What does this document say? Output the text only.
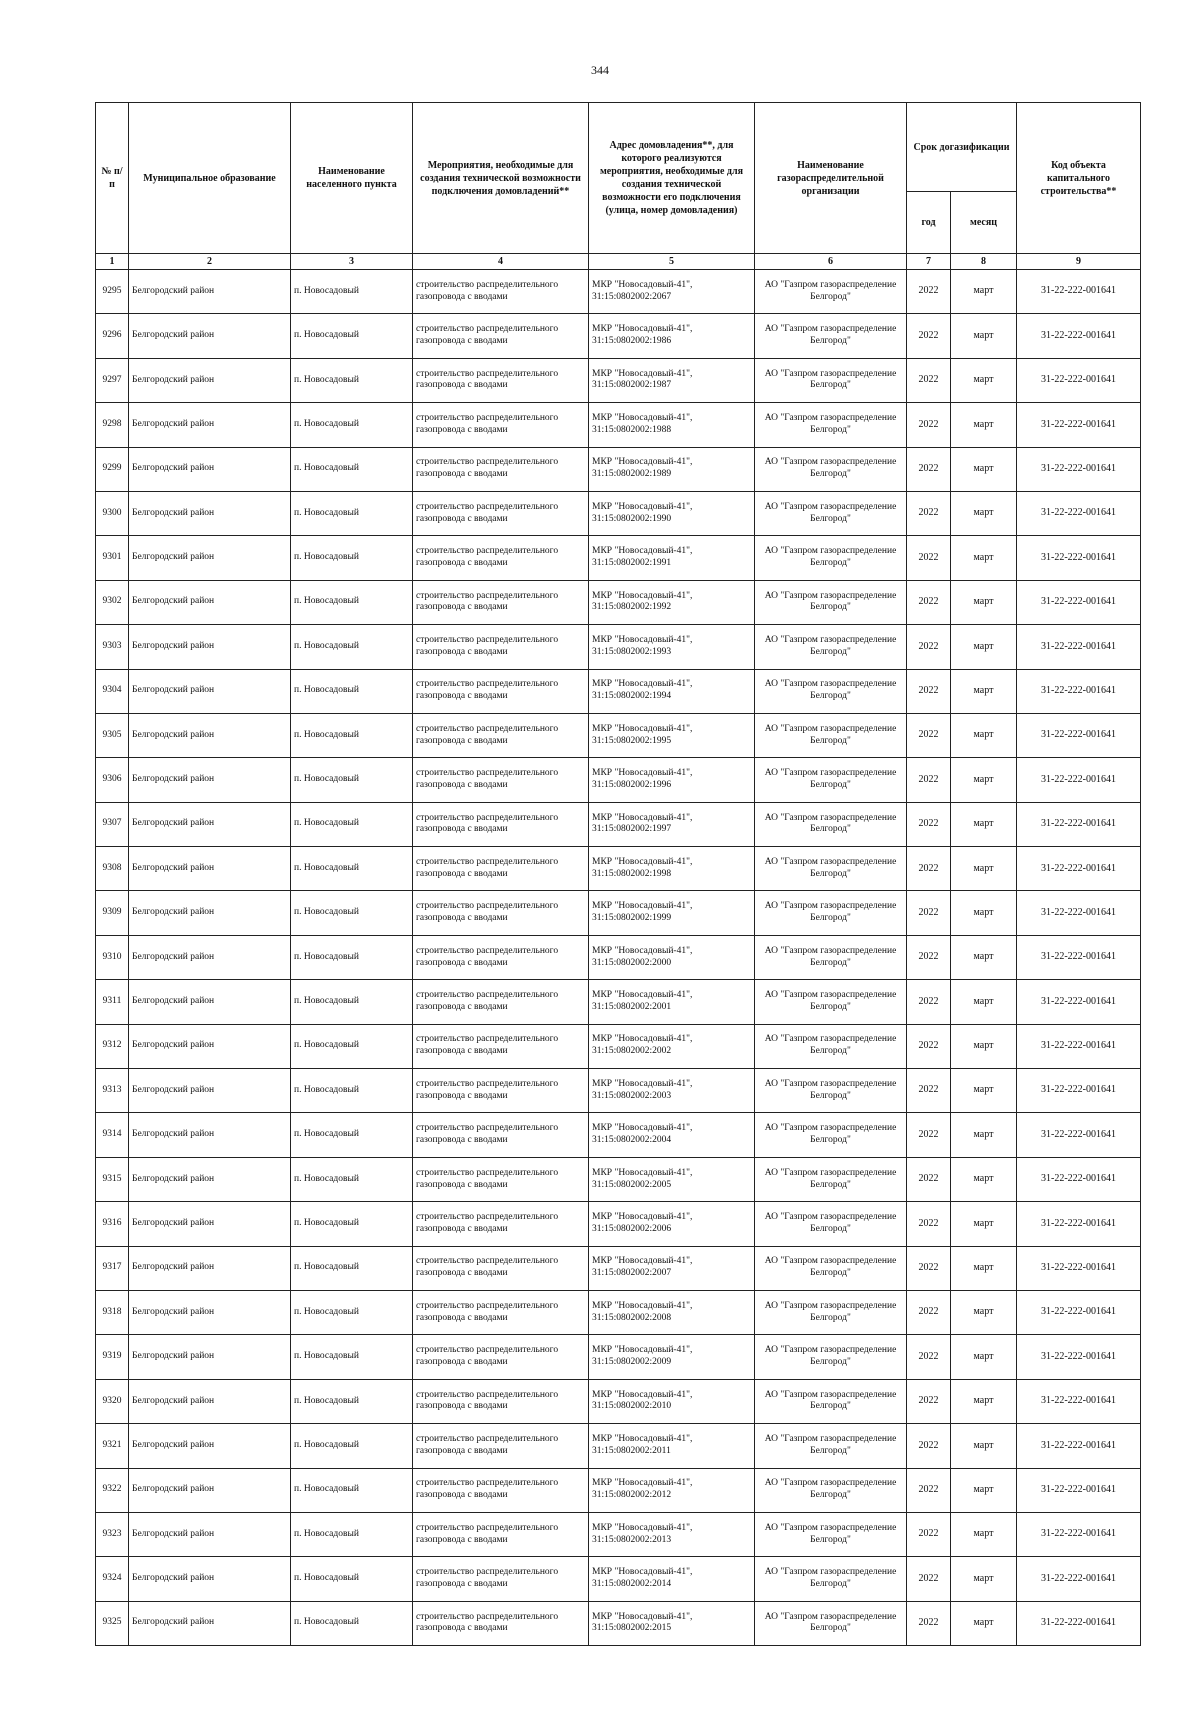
344
№ п/п	Муниципальное образование	Наименование населенного пункта	Мероприятия, необходимые для создания технической возможности подключения домовладений**	Адрес домовладения**, для которого реализуются мероприятия, необходимые для создания технической возможности его подключения (улица, номер домовладения)	Наименование газораспределительной организации	Срок догазификации		Код объекта капитального строительства**
						год	месяц	
1	2	3	4	5	6	7	8	9
9295	Белгородский район	п. Новосадовый	строительство распределительного газопровода с вводами	МКР "Новосадовый-41", 31:15:0802002:2067	АО "Газпром газораспределение Белгород"	2022	март	31-22-222-001641
9296	Белгородский район	п. Новосадовый	строительство распределительного газопровода с вводами	МКР "Новосадовый-41", 31:15:0802002:1986	АО "Газпром газораспределение Белгород"	2022	март	31-22-222-001641
9297	Белгородский район	п. Новосадовый	строительство распределительного газопровода с вводами	МКР "Новосадовый-41", 31:15:0802002:1987	АО "Газпром газораспределение Белгород"	2022	март	31-22-222-001641
9298	Белгородский район	п. Новосадовый	строительство распределительного газопровода с вводами	МКР "Новосадовый-41", 31:15:0802002:1988	АО "Газпром газораспределение Белгород"	2022	март	31-22-222-001641
9299	Белгородский район	п. Новосадовый	строительство распределительного газопровода с вводами	МКР "Новосадовый-41", 31:15:0802002:1989	АО "Газпром газораспределение Белгород"	2022	март	31-22-222-001641
9300	Белгородский район	п. Новосадовый	строительство распределительного газопровода с вводами	МКР "Новосадовый-41", 31:15:0802002:1990	АО "Газпром газораспределение Белгород"	2022	март	31-22-222-001641
9301	Белгородский район	п. Новосадовый	строительство распределительного газопровода с вводами	МКР "Новосадовый-41", 31:15:0802002:1991	АО "Газпром газораспределение Белгород"	2022	март	31-22-222-001641
9302	Белгородский район	п. Новосадовый	строительство распределительного газопровода с вводами	МКР "Новосадовый-41", 31:15:0802002:1992	АО "Газпром газораспределение Белгород"	2022	март	31-22-222-001641
9303	Белгородский район	п. Новосадовый	строительство распределительного газопровода с вводами	МКР "Новосадовый-41", 31:15:0802002:1993	АО "Газпром газораспределение Белгород"	2022	март	31-22-222-001641
9304	Белгородский район	п. Новосадовый	строительство распределительного газопровода с вводами	МКР "Новосадовый-41", 31:15:0802002:1994	АО "Газпром газораспределение Белгород"	2022	март	31-22-222-001641
9305	Белгородский район	п. Новосадовый	строительство распределительного газопровода с вводами	МКР "Новосадовый-41", 31:15:0802002:1995	АО "Газпром газораспределение Белгород"	2022	март	31-22-222-001641
9306	Белгородский район	п. Новосадовый	строительство распределительного газопровода с вводами	МКР "Новосадовый-41", 31:15:0802002:1996	АО "Газпром газораспределение Белгород"	2022	март	31-22-222-001641
9307	Белгородский район	п. Новосадовый	строительство распределительного газопровода с вводами	МКР "Новосадовый-41", 31:15:0802002:1997	АО "Газпром газораспределение Белгород"	2022	март	31-22-222-001641
9308	Белгородский район	п. Новосадовый	строительство распределительного газопровода с вводами	МКР "Новосадовый-41", 31:15:0802002:1998	АО "Газпром газораспределение Белгород"	2022	март	31-22-222-001641
9309	Белгородский район	п. Новосадовый	строительство распределительного газопровода с вводами	МКР "Новосадовый-41", 31:15:0802002:1999	АО "Газпром газораспределение Белгород"	2022	март	31-22-222-001641
9310	Белгородский район	п. Новосадовый	строительство распределительного газопровода с вводами	МКР "Новосадовый-41", 31:15:0802002:2000	АО "Газпром газораспределение Белгород"	2022	март	31-22-222-001641
9311	Белгородский район	п. Новосадовый	строительство распределительного газопровода с вводами	МКР "Новосадовый-41", 31:15:0802002:2001	АО "Газпром газораспределение Белгород"	2022	март	31-22-222-001641
9312	Белгородский район	п. Новосадовый	строительство распределительного газопровода с вводами	МКР "Новосадовый-41", 31:15:0802002:2002	АО "Газпром газораспределение Белгород"	2022	март	31-22-222-001641
9313	Белгородский район	п. Новосадовый	строительство распределительного газопровода с вводами	МКР "Новосадовый-41", 31:15:0802002:2003	АО "Газпром газораспределение Белгород"	2022	март	31-22-222-001641
9314	Белгородский район	п. Новосадовый	строительство распределительного газопровода с вводами	МКР "Новосадовый-41", 31:15:0802002:2004	АО "Газпром газораспределение Белгород"	2022	март	31-22-222-001641
9315	Белгородский район	п. Новосадовый	строительство распределительного газопровода с вводами	МКР "Новосадовый-41", 31:15:0802002:2005	АО "Газпром газораспределение Белгород"	2022	март	31-22-222-001641
9316	Белгородский район	п. Новосадовый	строительство распределительного газопровода с вводами	МКР "Новосадовый-41", 31:15:0802002:2006	АО "Газпром газораспределение Белгород"	2022	март	31-22-222-001641
9317	Белгородский район	п. Новосадовый	строительство распределительного газопровода с вводами	МКР "Новосадовый-41", 31:15:0802002:2007	АО "Газпром газораспределение Белгород"	2022	март	31-22-222-001641
9318	Белгородский район	п. Новосадовый	строительство распределительного газопровода с вводами	МКР "Новосадовый-41", 31:15:0802002:2008	АО "Газпром газораспределение Белгород"	2022	март	31-22-222-001641
9319	Белгородский район	п. Новосадовый	строительство распределительного газопровода с вводами	МКР "Новосадовый-41", 31:15:0802002:2009	АО "Газпром газораспределение Белгород"	2022	март	31-22-222-001641
9320	Белгородский район	п. Новосадовый	строительство распределительного газопровода с вводами	МКР "Новосадовый-41", 31:15:0802002:2010	АО "Газпром газораспределение Белгород"	2022	март	31-22-222-001641
9321	Белгородский район	п. Новосадовый	строительство распределительного газопровода с вводами	МКР "Новосадовый-41", 31:15:0802002:2011	АО "Газпром газораспределение Белгород"	2022	март	31-22-222-001641
9322	Белгородский район	п. Новосадовый	строительство распределительного газопровода с вводами	МКР "Новосадовый-41", 31:15:0802002:2012	АО "Газпром газораспределение Белгород"	2022	март	31-22-222-001641
9323	Белгородский район	п. Новосадовый	строительство распределительного газопровода с вводами	МКР "Новосадовый-41", 31:15:0802002:2013	АО "Газпром газораспределение Белгород"	2022	март	31-22-222-001641
9324	Белгородский район	п. Новосадовый	строительство распределительного газопровода с вводами	МКР "Новосадовый-41", 31:15:0802002:2014	АО "Газпром газораспределение Белгород"	2022	март	31-22-222-001641
9325	Белгородский район	п. Новосадовый	строительство распределительного газопровода с вводами	МКР "Новосадовый-41", 31:15:0802002:2015	АО "Газпром газораспределение Белгород"	2022	март	31-22-222-001641
